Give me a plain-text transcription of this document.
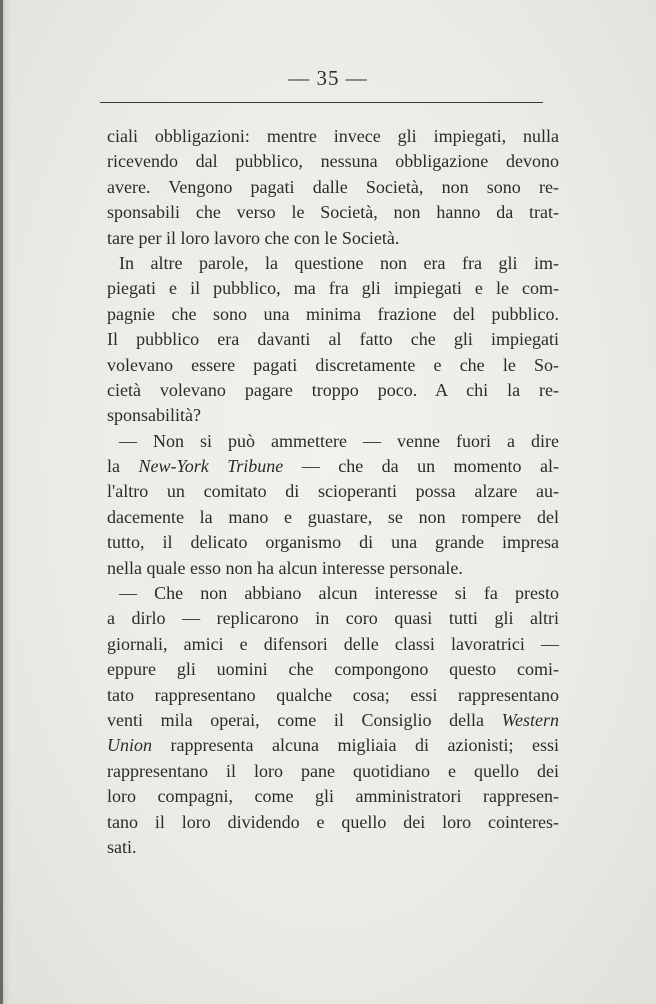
— 35 —
ciali obbligazioni: mentre invece gli impiegati, nulla
ricevendo dal pubblico, nessuna obbligazione devono
avere. Vengono pagati dalle Società, non sono re-
sponsabili che verso le Società, non hanno da trat-
tare per il loro lavoro che con le Società.
In altre parole, la questione non era fra gli im-
piegati e il pubblico, ma fra gli impiegati e le com-
pagnie che sono una minima frazione del pubblico.
Il pubblico era davanti al fatto che gli impiegati
volevano essere pagati discretamente e che le So-
cietà volevano pagare troppo poco. A chi la re-
sponsabilità?
— Non si può ammettere — venne fuori a dire
la New-York Tribune — che da un momento al-
l'altro un comitato di scioperanti possa alzare au-
dacemente la mano e guastare, se non rompere del
tutto, il delicato organismo di una grande impresa
nella quale esso non ha alcun interesse personale.
— Che non abbiano alcun interesse si fa presto
a dirlo — replicarono in coro quasi tutti gli altri
giornali, amici e difensori delle classi lavoratrici —
eppure gli uomini che compongono questo comi-
tato rappresentano qualche cosa; essi rappresentano
venti mila operai, come il Consiglio della Western
Union rappresenta alcuna migliaia di azionisti; essi
rappresentano il loro pane quotidiano e quello dei
loro compagni, come gli amministratori rappresen-
tano il loro dividendo e quello dei loro cointeres-
sati.
